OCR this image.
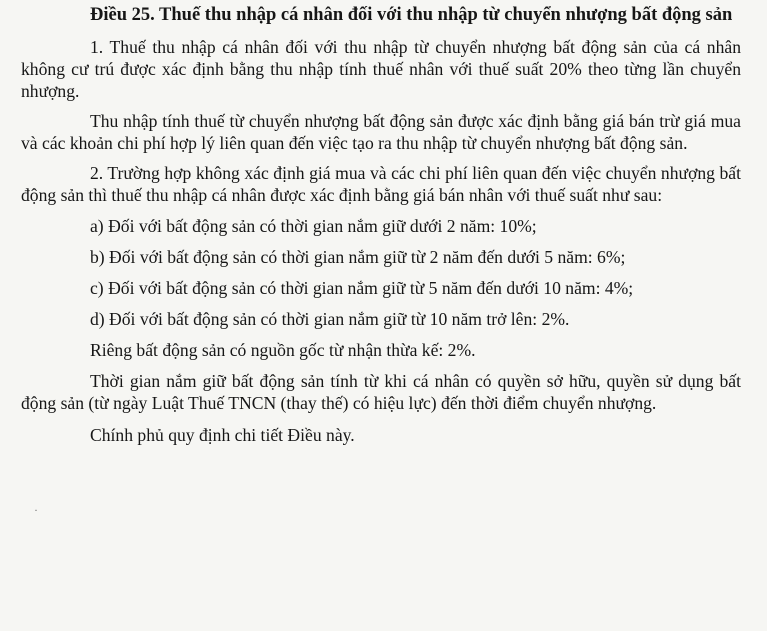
Điều 25. Thuế thu nhập cá nhân đối với thu nhập từ chuyển nhượng bất động sản

1. Thuế thu nhập cá nhân đối với thu nhập từ chuyển nhượng bất động sản của cá nhân không cư trú được xác định bằng thu nhập tính thuế nhân với thuế suất 20% theo từng lần chuyển nhượng.

Thu nhập tính thuế từ chuyển nhượng bất động sản được xác định bằng giá bán trừ giá mua và các khoản chi phí hợp lý liên quan đến việc tạo ra thu nhập từ chuyển nhượng bất động sản.

2. Trường hợp không xác định giá mua và các chi phí liên quan đến việc chuyển nhượng bất động sản thì thuế thu nhập cá nhân được xác định bằng giá bán nhân với thuế suất như sau:

a) Đối với bất động sản có thời gian nắm giữ dưới 2 năm: 10%;

b) Đối với bất động sản có thời gian nắm giữ từ 2 năm đến dưới 5 năm: 6%;

c) Đối với bất động sản có thời gian nắm giữ từ 5 năm đến dưới 10 năm: 4%;

d) Đối với bất động sản có thời gian nắm giữ từ 10 năm trở lên: 2%.

Riêng bất động sản có nguồn gốc từ nhận thừa kế: 2%.

Thời gian nắm giữ bất động sản tính từ khi cá nhân có quyền sở hữu, quyền sử dụng bất động sản (từ ngày Luật Thuế TNCN (thay thế) có hiệu lực) đến thời điểm chuyển nhượng.

Chính phủ quy định chi tiết Điều này.

·
